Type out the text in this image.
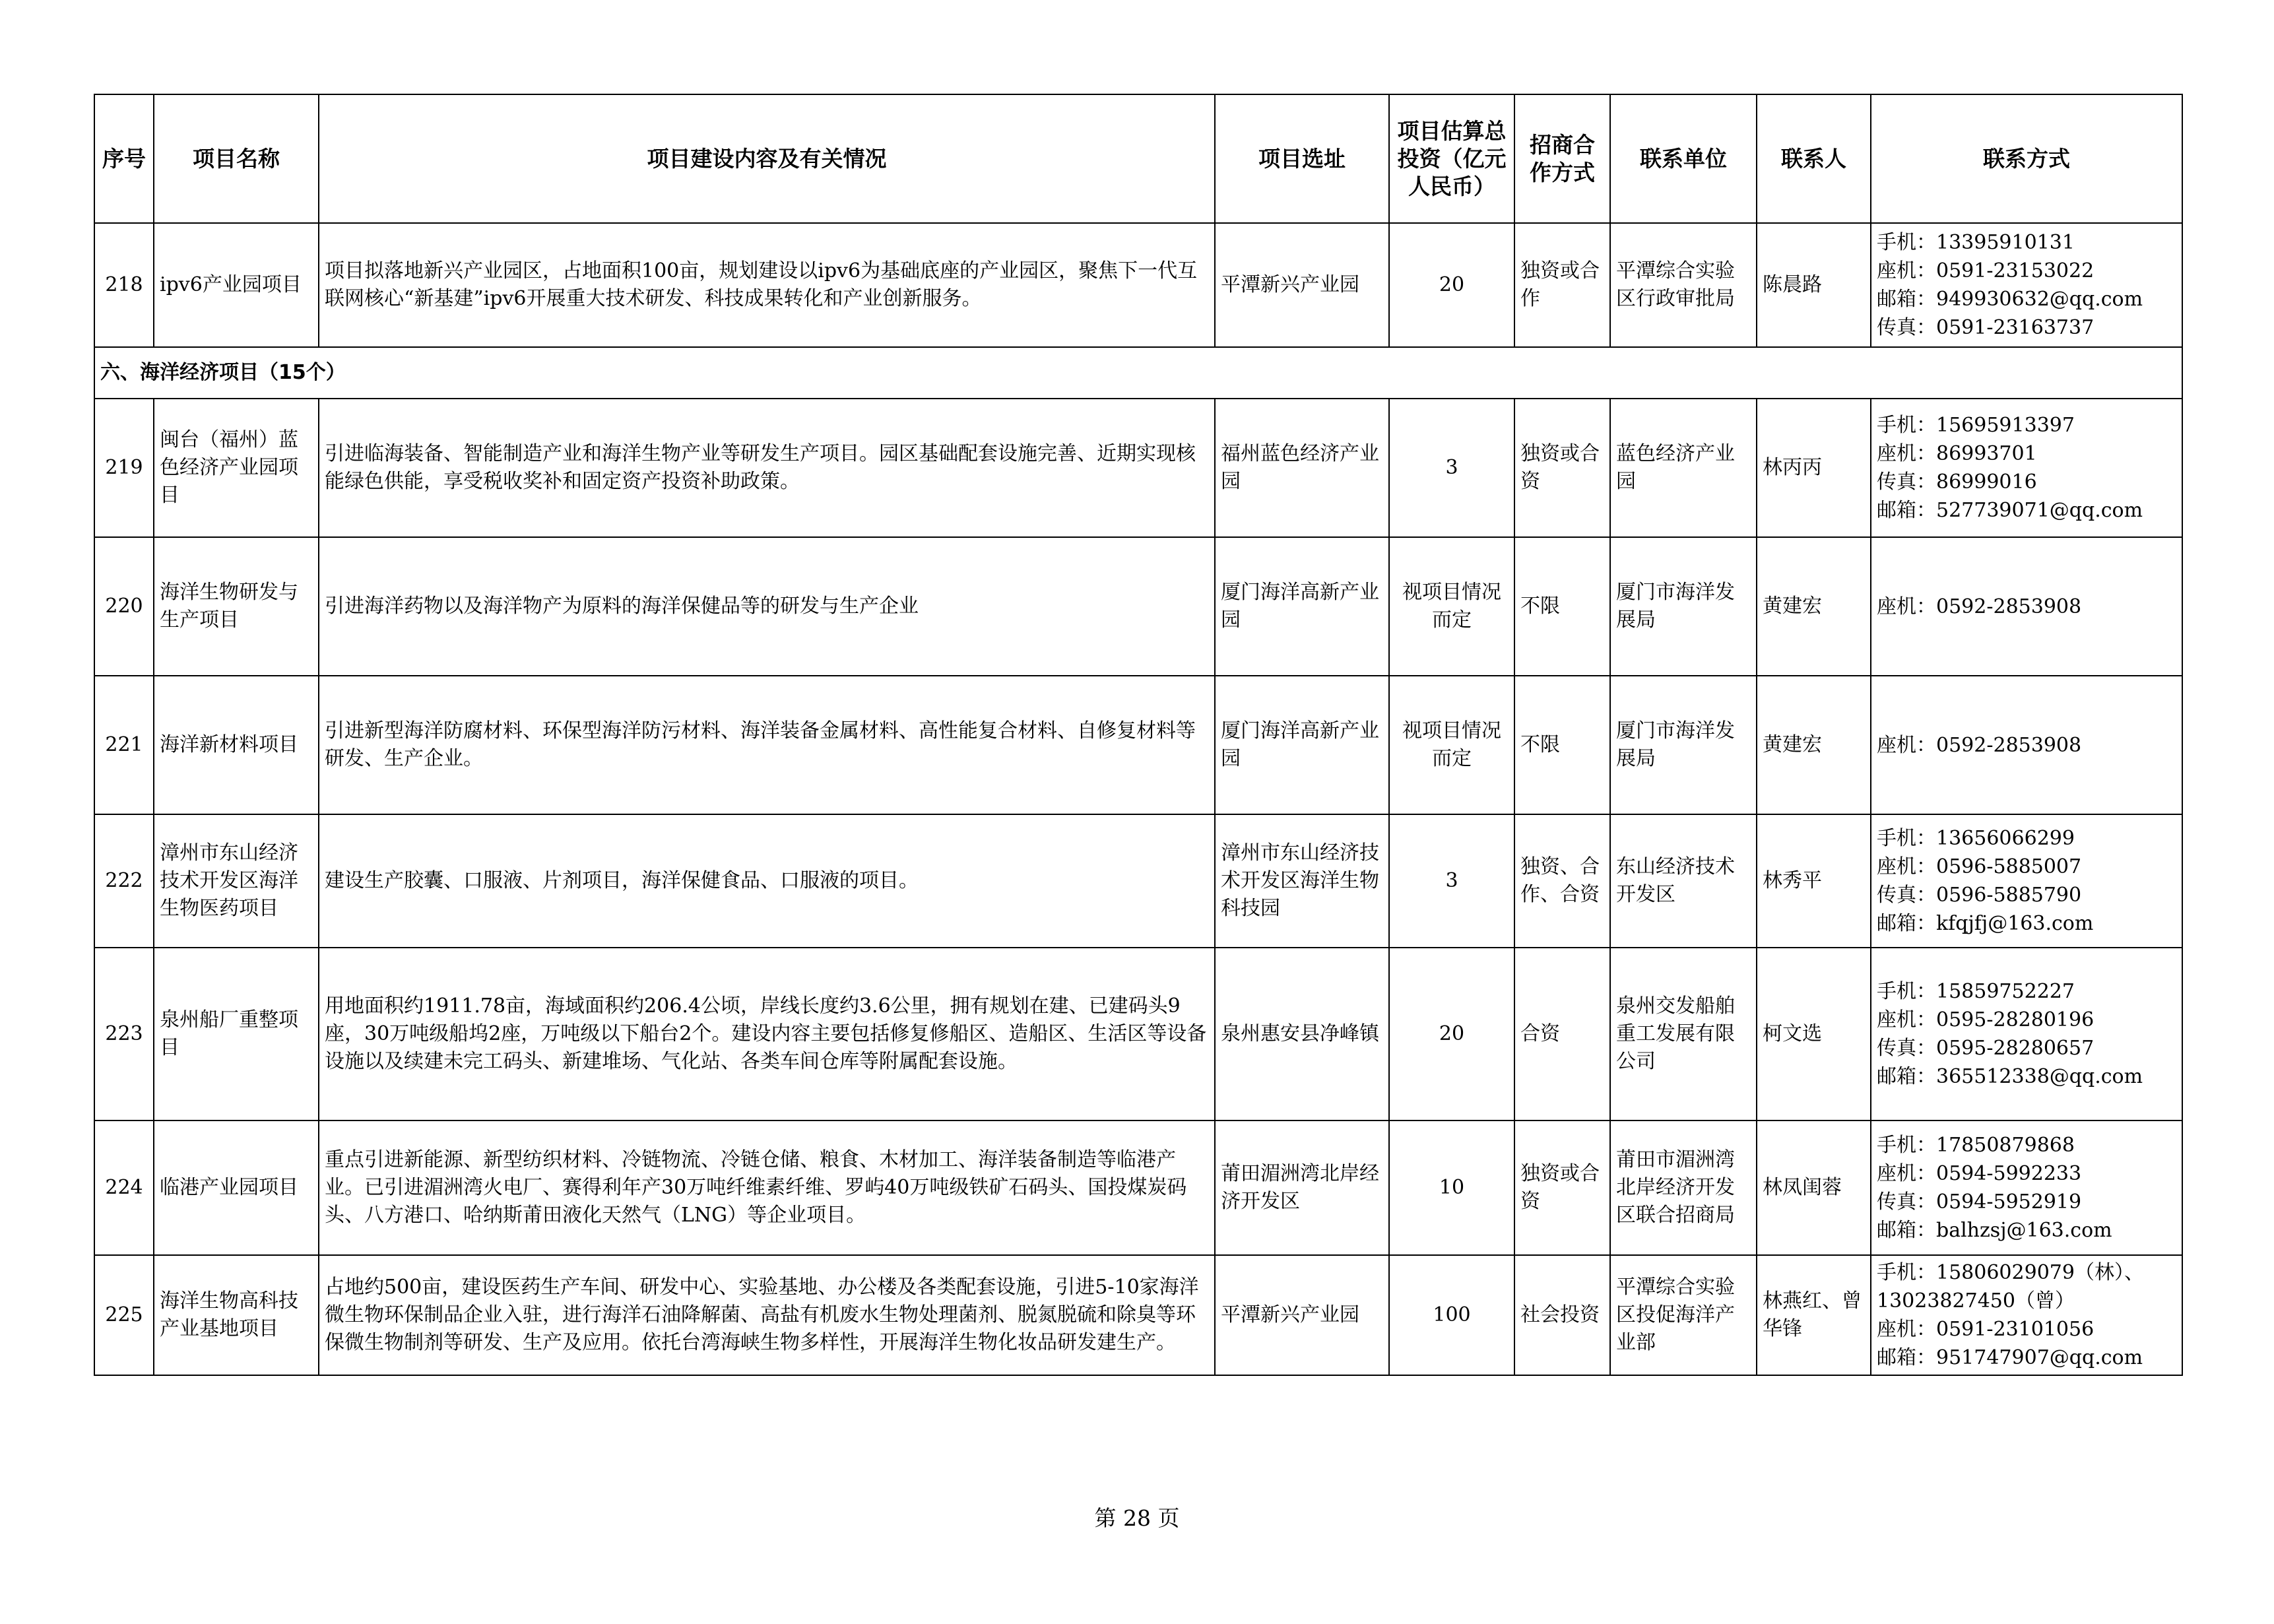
序号	项目名称	项目建设内容及有关情况	项目选址	项目估算总投资（亿元人民币）	招商合作方式	联系单位	联系人	联系方式
218	ipv6产业园项目	项目拟落地新兴产业园区，占地面积100亩，规划建设以ipv6为基础底座的产业园区，聚焦下一代互联网核心“新基建”ipv6开展重大技术研发、科技成果转化和产业创新服务。	平潭新兴产业园	20	独资或合作	平潭综合实验区行政审批局	陈晨路	手机：13395910131
座机：0591-23153022
邮箱：949930632@qq.com
传真：0591-23163737

六、海洋经济项目（15个）								
219	闽台（福州）蓝色经济产业园项目	引进临海装备、智能制造产业和海洋生物产业等研发生产项目。园区基础配套设施完善、近期实现核能绿色供能，享受税收奖补和固定资产投资补助政策。	福州蓝色经济产业园	3	独资或合资	蓝色经济产业园	林丙丙	手机：15695913397
座机：86993701
传真：86999016
邮箱：527739071@qq.com

220	海洋生物研发与生产项目	引进海洋药物以及海洋物产为原料的海洋保健品等的研发与生产企业	厦门海洋高新产业园	视项目情况而定	不限	厦门市海洋发展局	黄建宏	座机：0592-2853908

221	海洋新材料项目	引进新型海洋防腐材料、环保型海洋防污材料、海洋装备金属材料、高性能复合材料、自修复材料等研发、生产企业。	厦门海洋高新产业园	视项目情况而定	不限	厦门市海洋发展局	黄建宏	座机：0592-2853908

222	漳州市东山经济技术开发区海洋生物医药项目	建设生产胶囊、口服液、片剂项目，海洋保健食品、口服液的项目。	漳州市东山经济技术开发区海洋生物科技园	3	独资、合作、合资	东山经济技术开发区	林秀平	手机：13656066299
座机：0596-5885007
传真：0596-5885790
邮箱：kfqjfj@163.com

223	泉州船厂重整项目	用地面积约1911.78亩，海域面积约206.4公顷，岸线长度约3.6公里，拥有规划在建、已建码头9座，30万吨级船坞2座，万吨级以下船台2个。建设内容主要包括修复修船区、造船区、生活区等设备设施以及续建未完工码头、新建堆场、气化站、各类车间仓库等附属配套设施。	泉州惠安县净峰镇	20	合资	泉州交发船舶重工发展有限公司	柯文选	手机：15859752227
座机：0595-28280196
传真：0595-28280657
邮箱：365512338@qq.com

224	临港产业园项目	重点引进新能源、新型纺织材料、冷链物流、冷链仓储、粮食、木材加工、海洋装备制造等临港产业。已引进湄洲湾火电厂、赛得利年产30万吨纤维素纤维、罗屿40万吨级铁矿石码头、国投煤炭码头、八方港口、哈纳斯莆田液化天然气（LNG）等企业项目。	莆田湄洲湾北岸经济开发区	10	独资或合资	莆田市湄洲湾北岸经济开发区联合招商局	林凤闺蓉	手机：17850879868
座机：0594-5992233
传真：0594-5952919
邮箱：balhzsj@163.com

225	海洋生物高科技产业基地项目	占地约500亩，建设医药生产车间、研发中心、实验基地、办公楼及各类配套设施，引进5-10家海洋微生物环保制品企业入驻，进行海洋石油降解菌、高盐有机废水生物处理菌剂、脱氮脱硫和除臭等环保微生物制剂等研发、生产及应用。依托台湾海峡生物多样性，开展海洋生物化妆品研发建生产。	平潭新兴产业园	100	社会投资	平潭综合实验区投促海洋产业部	林燕红、曾华锋	手机：15806029079（林）、
13023827450（曾）
座机：0591-23101056
邮箱：951747907@qq.com
第 28 页
